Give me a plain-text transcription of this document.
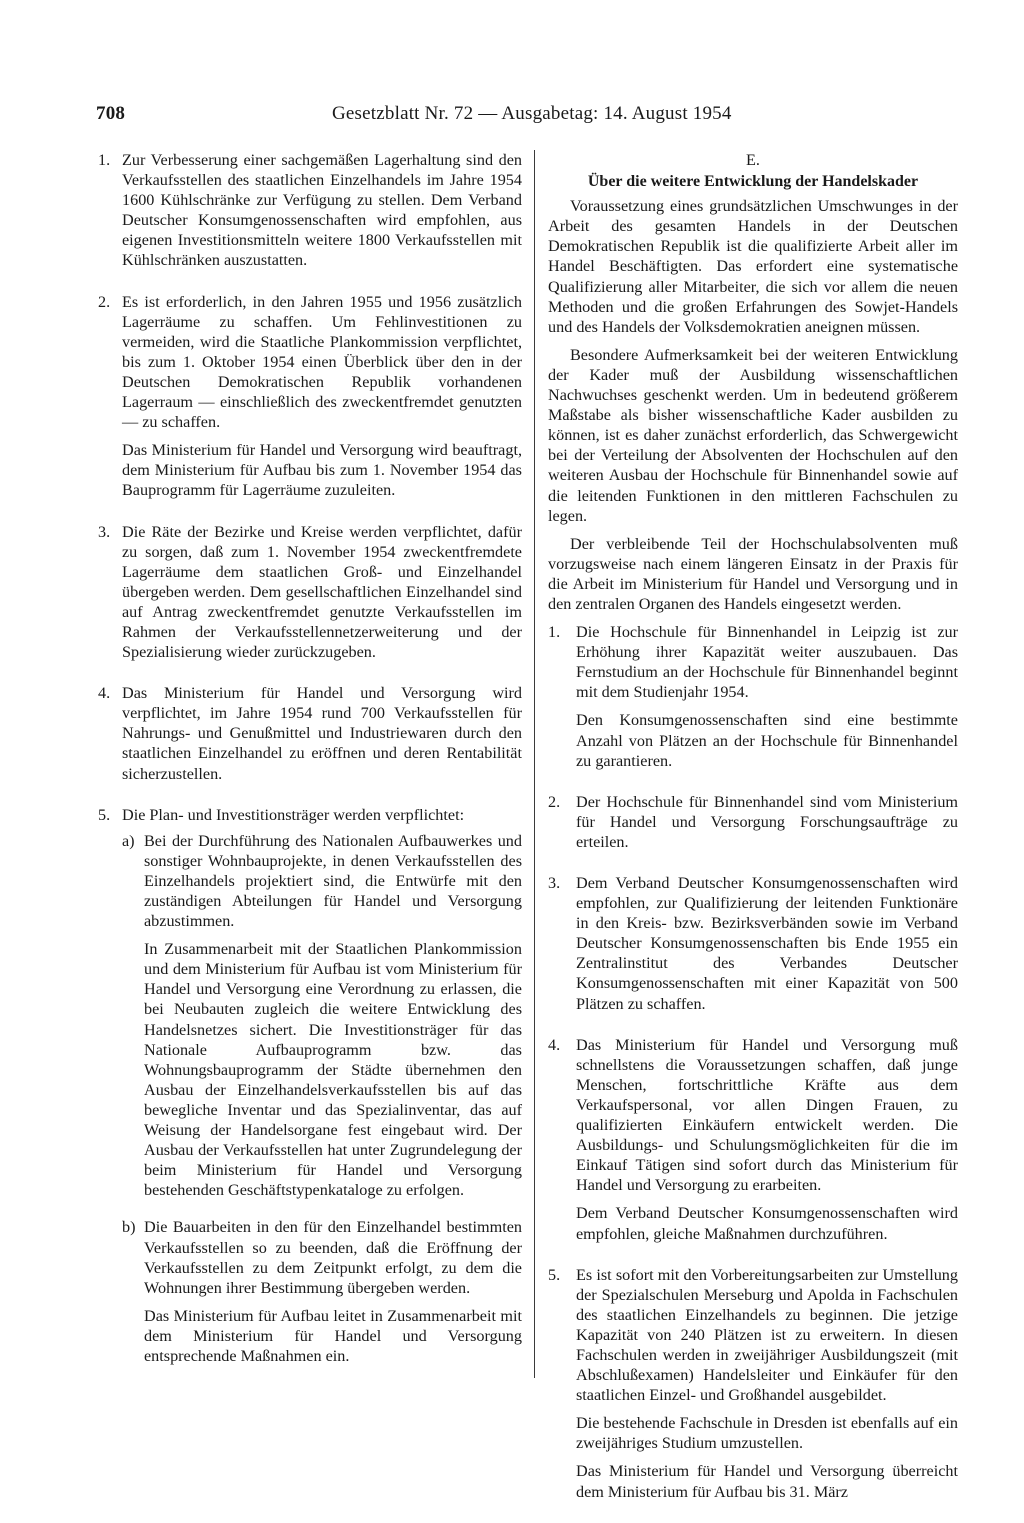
708	Gesetzblatt Nr. 72 — Ausgabetag: 14. August 1954
1. Zur Verbesserung einer sachgemäßen Lagerhaltung sind den Verkaufsstellen des staatlichen Einzelhandels im Jahre 1954 1600 Kühlschränke zur Verfügung zu stellen. Dem Verband Deutscher Konsumgenossenschaften wird empfohlen, aus eigenen Investitionsmitteln weitere 1800 Verkaufsstellen mit Kühlschränken auszustatten.

2. Es ist erforderlich, in den Jahren 1955 und 1956 zusätzlich Lagerräume zu schaffen. Um Fehlinvestitionen zu vermeiden, wird die Staatliche Plankommission verpflichtet, bis zum 1. Oktober 1954 einen Überblick über den in der Deutschen Demokratischen Republik vorhandenen Lagerraum — einschließlich des zweckentfremdet genutzten — zu schaffen.

Das Ministerium für Handel und Versorgung wird beauftragt, dem Ministerium für Aufbau bis zum 1. November 1954 das Bauprogramm für Lagerräume zuzuleiten.

3. Die Räte der Bezirke und Kreise werden verpflichtet, dafür zu sorgen, daß zum 1. November 1954 zweckentfremdete Lagerräume dem staatlichen Groß- und Einzelhandel übergeben werden. Dem gesellschaftlichen Einzelhandel sind auf Antrag zweckentfremdet genutzte Verkaufsstellen im Rahmen der Verkaufsstellennetzerweiterung und der Spezialisierung wieder zurückzugeben.

4. Das Ministerium für Handel und Versorgung wird verpflichtet, im Jahre 1954 rund 700 Verkaufsstellen für Nahrungs- und Genußmittel und Industriewaren durch den staatlichen Einzelhandel zu eröffnen und deren Rentabilität sicherzustellen.

5. Die Plan- und Investitionsträger werden verpflichtet:

a) Bei der Durchführung des Nationalen Aufbauwerkes und sonstiger Wohnbauprojekte, in denen Verkaufsstellen des Einzelhandels projektiert sind, die Entwürfe mit den zuständigen Abteilungen für Handel und Versorgung abzustimmen.

In Zusammenarbeit mit der Staatlichen Plankommission und dem Ministerium für Aufbau ist vom Ministerium für Handel und Versorgung eine Verordnung zu erlassen, die bei Neubauten zugleich die weitere Entwicklung des Handelsnetzes sichert. Die Investitionsträger für das Nationale Aufbauprogramm bzw. das Wohnungsbauprogramm der Städte übernehmen den Ausbau der Einzelhandelsverkaufsstellen bis auf das bewegliche Inventar und das Spezialinventar, das auf Weisung der Handelsorgane fest eingebaut wird. Der Ausbau der Verkaufsstellen hat unter Zugrundelegung der beim Ministerium für Handel und Versorgung bestehenden Geschäftstypenkataloge zu erfolgen.

b) Die Bauarbeiten in den für den Einzelhandel bestimmten Verkaufsstellen so zu beenden, daß die Eröffnung der Verkaufsstellen zu dem Zeitpunkt erfolgt, zu dem die Wohnungen ihrer Bestimmung übergeben werden.

Das Ministerium für Aufbau leitet in Zusammenarbeit mit dem Ministerium für Handel und Versorgung entsprechende Maßnahmen ein.

E.
Über die weitere Entwicklung der Handelskader

Voraussetzung eines grundsätzlichen Umschwunges in der Arbeit des gesamten Handels in der Deutschen Demokratischen Republik ist die qualifizierte Arbeit aller im Handel Beschäftigten. Das erfordert eine systematische Qualifizierung aller Mitarbeiter, die sich vor allem die neuen Methoden und die großen Erfahrungen des Sowjet-Handels und des Handels der Volksdemokratien aneignen müssen.

Besondere Aufmerksamkeit bei der weiteren Entwicklung der Kader muß der Ausbildung wissenschaftlichen Nachwuchses geschenkt werden. Um in bedeutend größerem Maßstabe als bisher wissenschaftliche Kader ausbilden zu können, ist es daher zunächst erforderlich, das Schwergewicht bei der Verteilung der Absolventen der Hochschulen auf den weiteren Ausbau der Hochschule für Binnenhandel sowie auf die leitenden Funktionen in den mittleren Fachschulen zu legen.

Der verbleibende Teil der Hochschulabsolventen muß vorzugsweise nach einem längeren Einsatz in der Praxis für die Arbeit im Ministerium für Handel und Versorgung und in den zentralen Organen des Handels eingesetzt werden.

1. Die Hochschule für Binnenhandel in Leipzig ist zur Erhöhung ihrer Kapazität weiter auszubauen. Das Fernstudium an der Hochschule für Binnenhandel beginnt mit dem Studienjahr 1954.

Den Konsumgenossenschaften sind eine bestimmte Anzahl von Plätzen an der Hochschule für Binnenhandel zu garantieren.

2. Der Hochschule für Binnenhandel sind vom Ministerium für Handel und Versorgung Forschungsaufträge zu erteilen.

3. Dem Verband Deutscher Konsumgenossenschaften wird empfohlen, zur Qualifizierung der leitenden Funktionäre in den Kreis- bzw. Bezirksverbänden sowie im Verband Deutscher Konsumgenossenschaften bis Ende 1955 ein Zentralinstitut des Verbandes Deutscher Konsumgenossenschaften mit einer Kapazität von 500 Plätzen zu schaffen.

4. Das Ministerium für Handel und Versorgung muß schnellstens die Voraussetzungen schaffen, daß junge Menschen, fortschrittliche Kräfte aus dem Verkaufspersonal, vor allen Dingen Frauen, zu qualifizierten Einkäufern entwickelt werden. Die Ausbildungs- und Schulungsmöglichkeiten für die im Einkauf Tätigen sind sofort durch das Ministerium für Handel und Versorgung zu erarbeiten.

Dem Verband Deutscher Konsumgenossenschaften wird empfohlen, gleiche Maßnahmen durchzuführen.

5. Es ist sofort mit den Vorbereitungsarbeiten zur Umstellung der Spezialschulen Merseburg und Apolda in Fachschulen des staatlichen Einzelhandels zu beginnen. Die jetzige Kapazität von 240 Plätzen ist zu erweitern. In diesen Fachschulen werden in zweijähriger Ausbildungszeit (mit Abschlußexamen) Handelsleiter und Einkäufer für den staatlichen Einzel- und Großhandel ausgebildet.

Die bestehende Fachschule in Dresden ist ebenfalls auf ein zweijähriges Studium umzustellen.

Das Ministerium für Handel und Versorgung überreicht dem Ministerium für Aufbau bis 31. März
